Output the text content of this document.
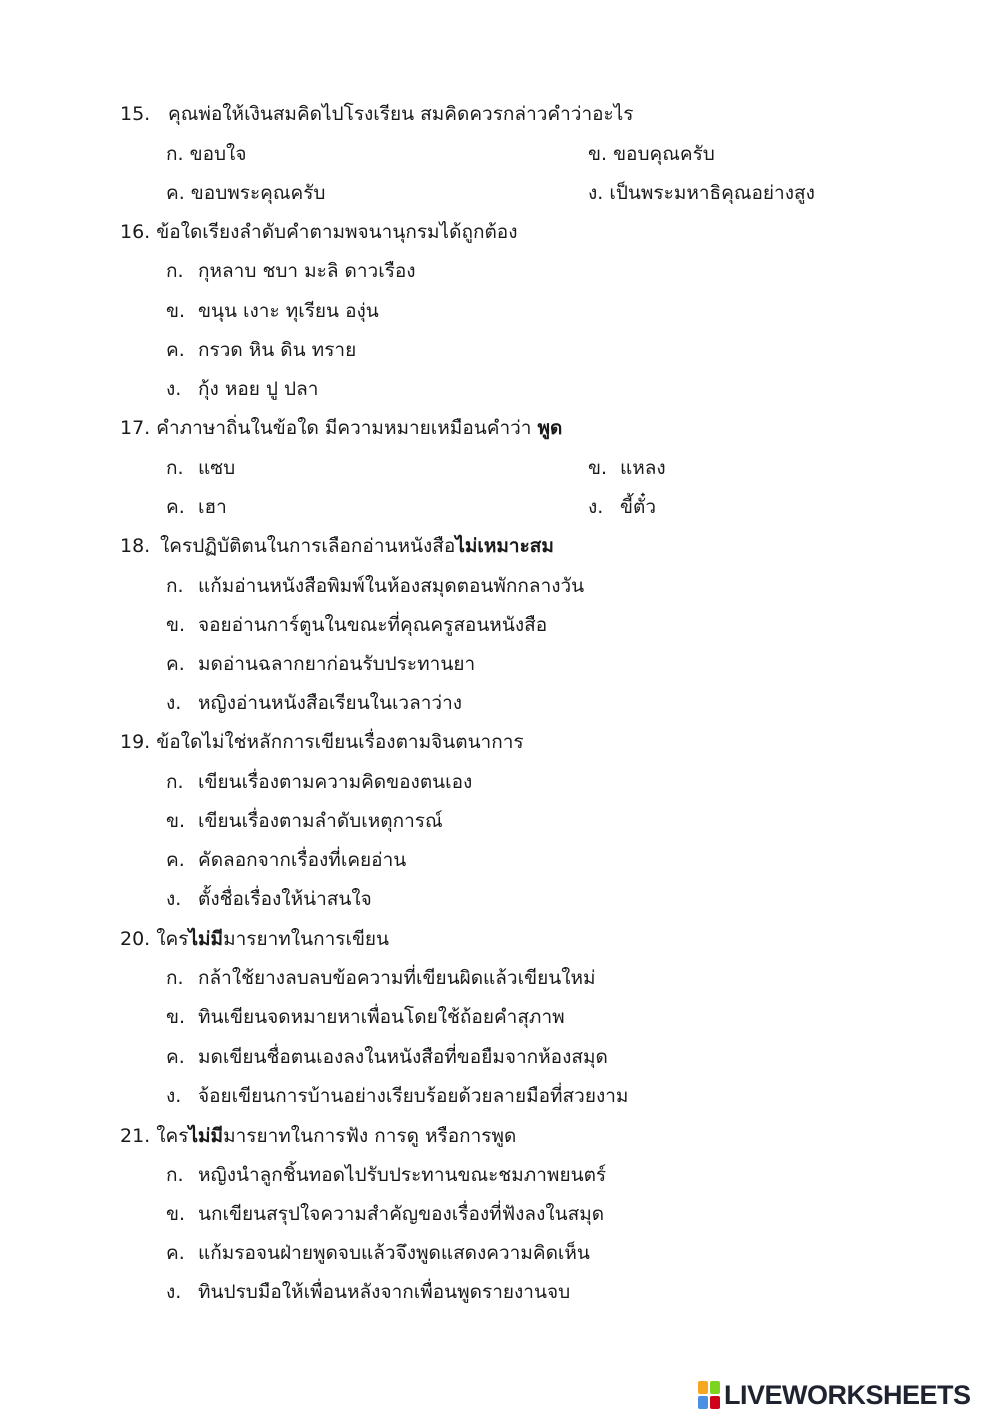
15. คุณพ่อให้เงินสมคิดไปโรงเรียน สมคิดควรกล่าวคำว่าอะไร
ก. ขอบใจ	ข. ขอบคุณครับ
ค. ขอบพระคุณครับ	ง. เป็นพระมหาธิคุณอย่างสูง
16. ข้อใดเรียงลำดับคำตามพจนานุกรมได้ถูกต้อง
ก. กุหลาบ ชบา มะลิ ดาวเรือง
ข. ขนุน เงาะ ทุเรียน องุ่น
ค. กรวด หิน ดิน ทราย
ง. กุ้ง หอย ปู ปลา
17. คำภาษาถิ่นในข้อใด มีความหมายเหมือนคำว่า พูด
ก. แซบ	ข. แหลง
ค. เฮา	ง. ขี้ตั๋ว
18. ใครปฏิบัติตนในการเลือกอ่านหนังสือไม่เหมาะสม
ก. แก้มอ่านหนังสือพิมพ์ในห้องสมุดตอนพักกลางวัน
ข. จอยอ่านการ์ตูนในขณะที่คุณครูสอนหนังสือ
ค. มดอ่านฉลากยาก่อนรับประทานยา
ง. หญิงอ่านหนังสือเรียนในเวลาว่าง
19. ข้อใดไม่ใช่หลักการเขียนเรื่องตามจินตนาการ
ก. เขียนเรื่องตามความคิดของตนเอง
ข. เขียนเรื่องตามลำดับเหตุการณ์
ค. คัดลอกจากเรื่องที่เคยอ่าน
ง. ตั้งชื่อเรื่องให้น่าสนใจ
20. ใครไม่มีมารยาทในการเขียน
ก. กล้าใช้ยางลบลบข้อความที่เขียนผิดแล้วเขียนใหม่
ข. ทินเขียนจดหมายหาเพื่อนโดยใช้ถ้อยคำสุภาพ
ค. มดเขียนชื่อตนเองลงในหนังสือที่ขอยืมจากห้องสมุด
ง. จ้อยเขียนการบ้านอย่างเรียบร้อยด้วยลายมือที่สวยงาม
21. ใครไม่มีมารยาทในการฟัง การดู หรือการพูด
ก. หญิงนำลูกชิ้นทอดไปรับประทานขณะชมภาพยนตร์
ข. นกเขียนสรุปใจความสำคัญของเรื่องที่ฟังลงในสมุด
ค. แก้มรอจนฝ่ายพูดจบแล้วจึงพูดแสดงความคิดเห็น
ง. ทินปรบมือให้เพื่อนหลังจากเพื่อนพูดรายงานจบ
LIVEWORKSHEETS
